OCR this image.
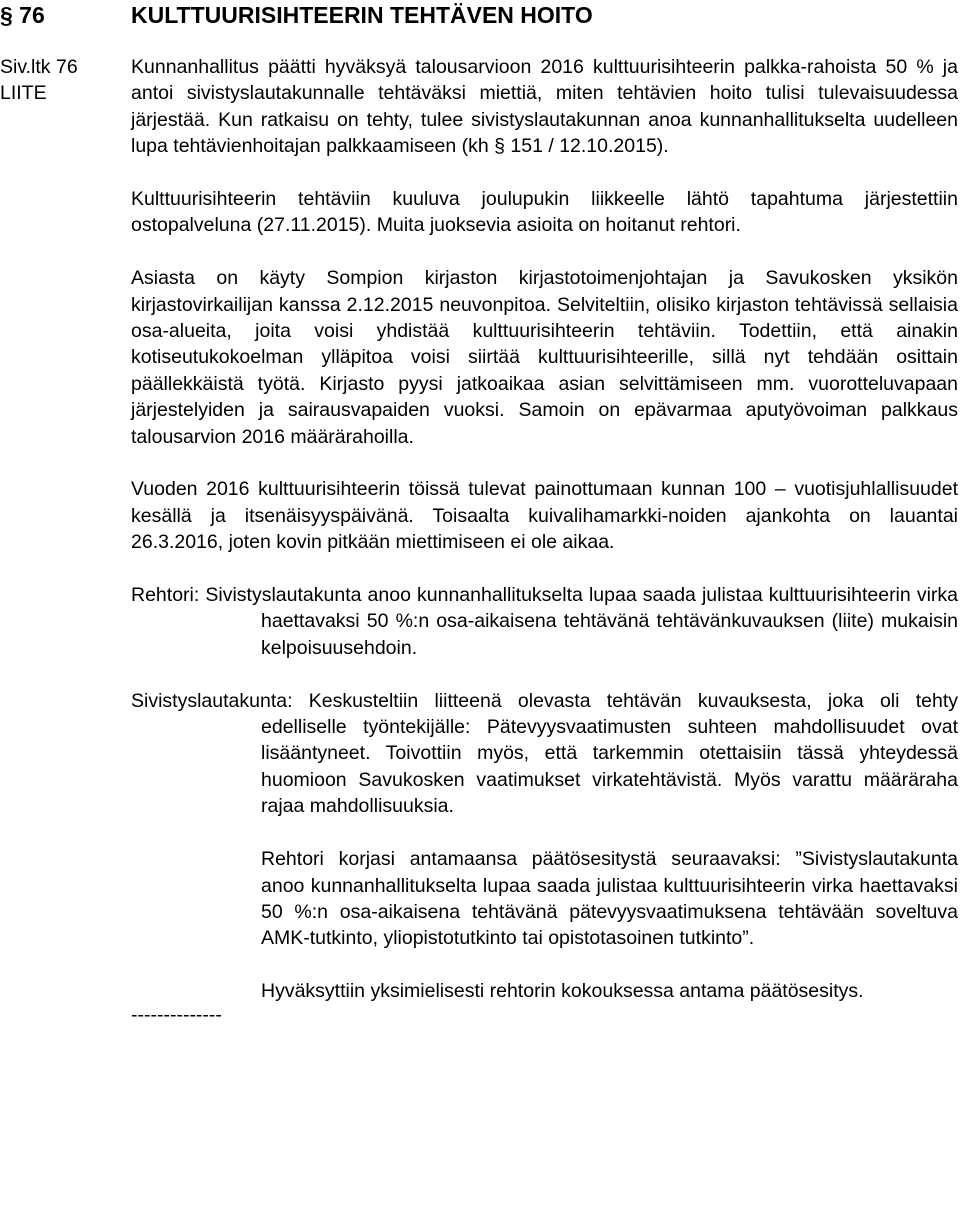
§ 76	KULTTUURISIHTEERIN TEHTÄVEN HOITO
Siv.ltk 76
LIITE

Kunnanhallitus päätti hyväksyä talousarvioon 2016 kulttuurisihteerin palkka-rahoista 50 % ja antoi sivistyslautakunnalle tehtäväksi miettiä, miten tehtävien hoito tulisi tulevaisuudessa järjestää. Kun ratkaisu on tehty, tulee sivistyslautakunnan anoa kunnanhallitukselta uudelleen lupa tehtävienhoitajan palkkaamiseen (kh § 151 / 12.10.2015).

Kulttuurisihteerin tehtäviin kuuluva joulupukin liikkeelle lähtö tapahtuma järjestettiin ostopalveluna (27.11.2015). Muita juoksevia asioita on hoitanut rehtori.

Asiasta on käyty Sompion kirjaston kirjastotoimenjohtajan ja Savukosken yksikön kirjastovirkailijan kanssa 2.12.2015 neuvonpitoa. Selviteltiin, olisiko kirjaston tehtävissä sellaisia osa-alueita, joita voisi yhdistää kulttuurisihteerin tehtäviin. Todettiin, että ainakin kotiseutukokoelman ylläpitoa voisi siirtää kulttuurisihteerille, sillä nyt tehdään osittain päällekkäistä työtä. Kirjasto pyysi jatkoaikaa asian selvittämiseen mm. vuorotteluvapaan järjestelyiden ja sairausvapaiden vuoksi. Samoin on epävarmaa aputyövoiman palkkaus talousarvion 2016 määrärahoilla.

Vuoden 2016 kulttuurisihteerin töissä tulevat painottumaan kunnan 100 – vuotisjuhlallisuudet kesällä ja itsenäisyyspäivänä. Toisaalta kuivalihamarkki-noiden ajankohta on lauantai 26.3.2016, joten kovin pitkään miettimiseen ei ole aikaa.

Rehtori: Sivistyslautakunta anoo kunnanhallitukselta lupaa saada julistaa kulttuurisihteerin virka haettavaksi 50 %:n osa-aikaisena tehtävänä tehtävänkuvauksen (liite) mukaisin kelpoisuusehdoin.

Sivistyslautakunta: Keskusteltiin liitteenä olevasta tehtävän kuvauksesta, joka oli tehty edelliselle työntekijälle: Pätevyysvaatimusten suhteen mahdollisuudet ovat lisääntyneet. Toivottiin myös, että tarkemmin otettaisiin tässä yhteydessä huomioon Savukosken vaatimukset virkatehtävistä. Myös varattu määräraha rajaa mahdollisuuksia.

Rehtori korjasi antamaansa päätösesitystä seuraavaksi: ”Sivistyslautakunta anoo kunnanhallitukselta lupaa saada julistaa kulttuurisihteerin virka haettavaksi 50 %:n osa-aikaisena tehtävänä pätevyysvaatimuksena tehtävään soveltuva AMK-tutkinto, yliopistotutkinto tai opistotasoinen tutkinto”.

Hyväksyttiin yksimielisesti rehtorin kokouksessa antama päätösesitys.

--------------
